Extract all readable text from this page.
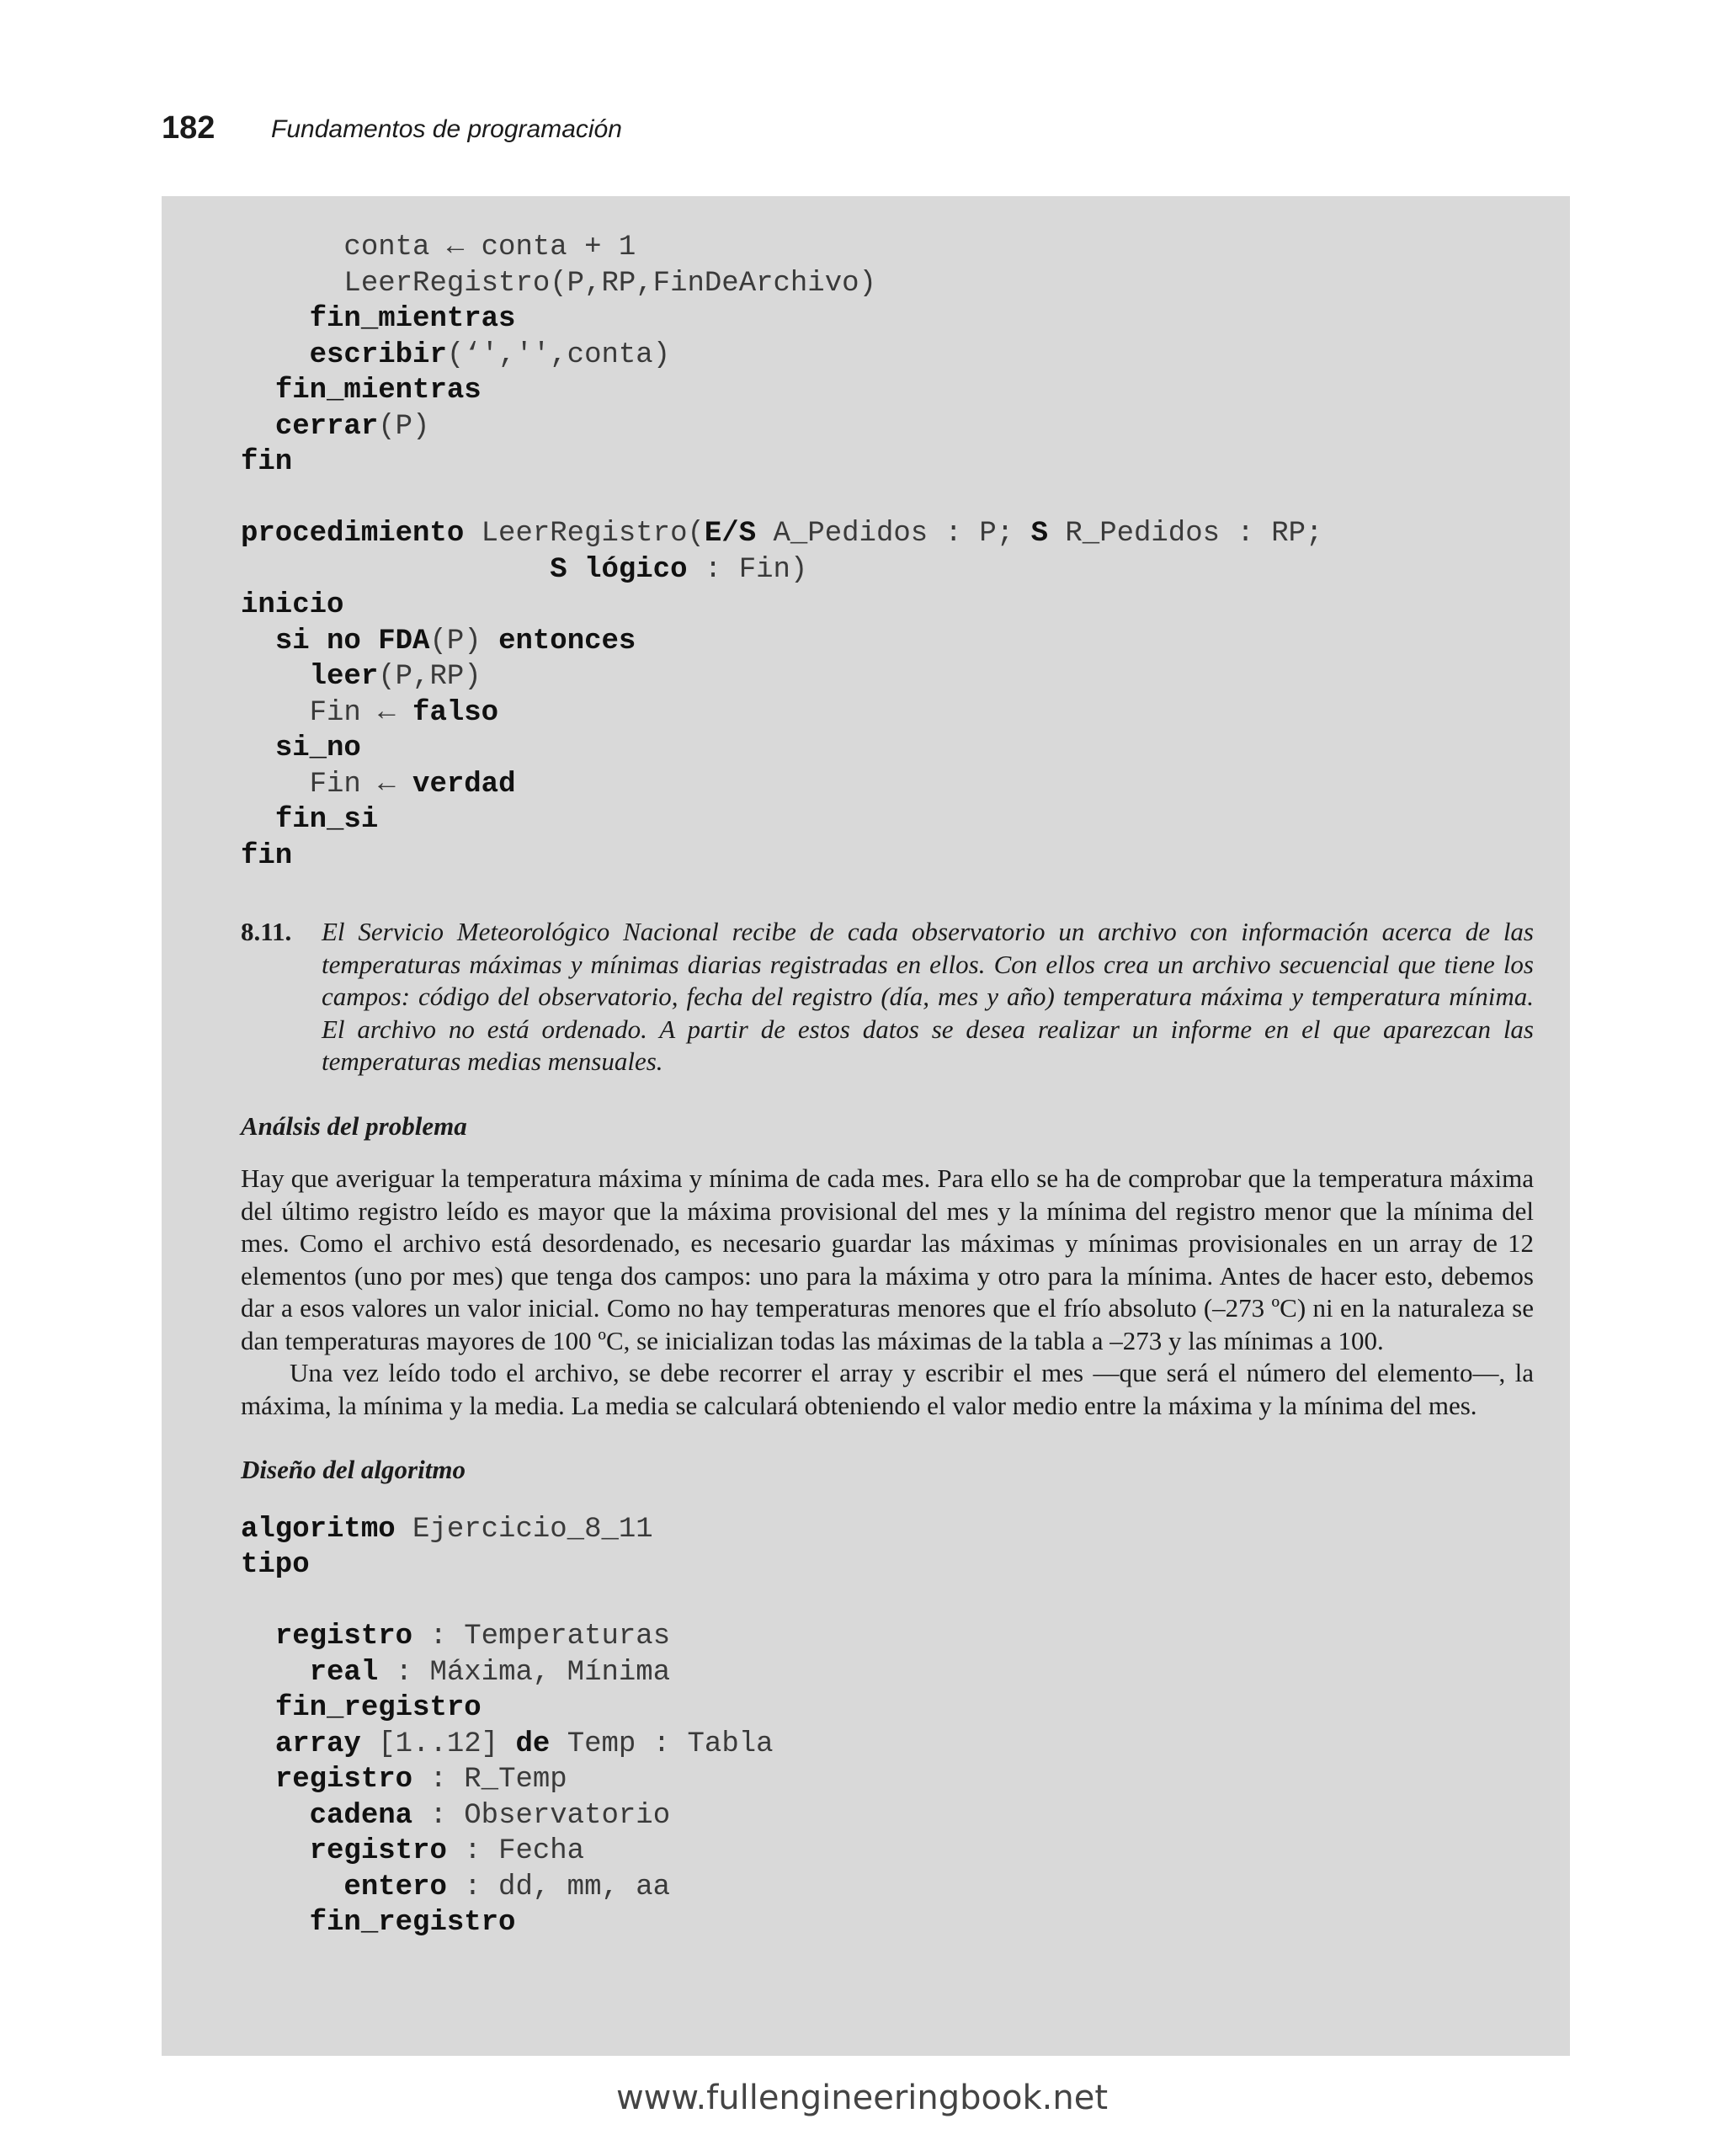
182 Fundamentos de programación
conta ← conta + 1
LeerRegistro(P,RP,FinDeArchivo)
fin_mientras
escribir(‘','',conta)
fin_mientras
cerrar(P)
fin
procedimiento LeerRegistro(E/S A_Pedidos : P; S R_Pedidos : RP;
S lógico : Fin)
inicio
si no FDA(P) entonces
leer(P,RP)
Fin ← falso
si_no
Fin ← verdad
fin_si
fin
8.11. El Servicio Meteorológico Nacional recibe de cada observatorio un archivo con información acerca de las temperaturas máximas y mínimas diarias registradas en ellos. Con ellos crea un archivo secuencial que tiene los campos: código del observatorio, fecha del registro (día, mes y año) temperatura máxima y temperatura mínima. El archivo no está ordenado. A partir de estos datos se desea realizar un informe en el que aparezcan las temperaturas medias mensuales.
Análsis del problema
Hay que averiguar la temperatura máxima y mínima de cada mes. Para ello se ha de comprobar que la temperatura máxima del último registro leído es mayor que la máxima provisional del mes y la mínima del registro menor que la mínima del mes. Como el archivo está desordenado, es necesario guardar las máximas y mínimas provisionales en un array de 12 elementos (uno por mes) que tenga dos campos: uno para la máxima y otro para la mínima. Antes de hacer esto, debemos dar a esos valores un valor inicial. Como no hay temperaturas menores que el frío absoluto (–273 ºC) ni en la naturaleza se dan temperaturas mayores de 100 ºC, se inicializan todas las máximas de la tabla a –273 y las mínimas a 100.
Una vez leído todo el archivo, se debe recorrer el array y escribir el mes —que será el número del elemento—, la máxima, la mínima y la media. La media se calculará obteniendo el valor medio entre la máxima y la mínima del mes.
Diseño del algoritmo
algoritmo Ejercicio_8_11
tipo
registro : Temperaturas
real : Máxima, Mínima
fin_registro
array [1..12] de Temp : Tabla
registro : R_Temp
cadena : Observatorio
registro : Fecha
entero : dd, mm, aa
fin_registro
www.fullengineeringbook.net
